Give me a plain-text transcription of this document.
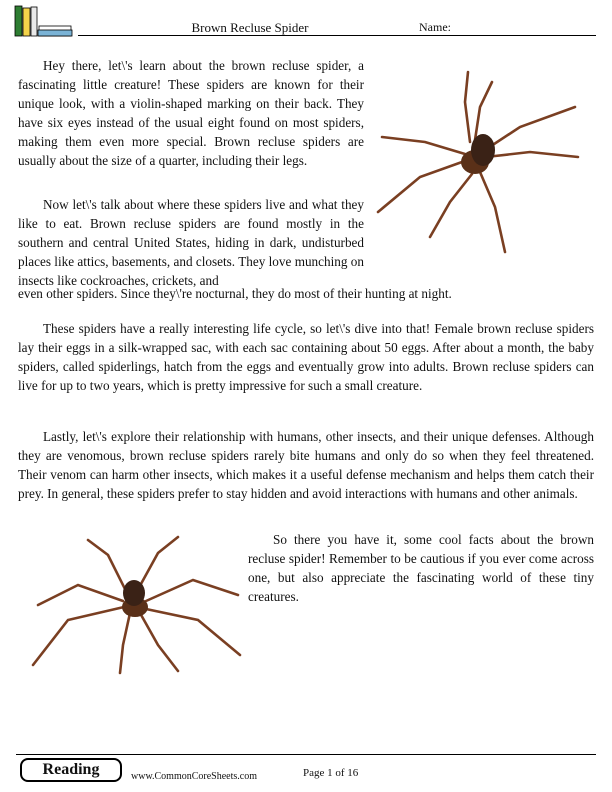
Brown Recluse Spider	Name:

Hey there, let\'s learn about the brown recluse spider, a fascinating little creature! These spiders are known for their unique look, with a violin-shaped marking on their back. They have six eyes instead of the usual eight found on most spiders, making them even more special. Brown recluse spiders are usually about the size of a quarter, including their legs.

Now let\'s talk about where these spiders live and what they like to eat. Brown recluse spiders are found mostly in the southern and central United States, hiding in dark, undisturbed places like attics, basements, and closets. They love munching on insects like cockroaches, crickets, and

even other spiders. Since they\'re nocturnal, they do most of their hunting at night.

These spiders have a really interesting life cycle, so let\'s dive into that! Female brown recluse spiders lay their eggs in a silk-wrapped sac, with each sac containing about 50 eggs. After about a month, the baby spiders, called spiderlings, hatch from the eggs and eventually grow into adults. Brown recluse spiders can live for up to two years, which is pretty impressive for such a small creature.

Lastly, let\'s explore their relationship with humans, other insects, and their unique defenses. Although they are venomous, brown recluse spiders rarely bite humans and only do so when they feel threatened. Their venom can harm other insects, which makes it a useful defense mechanism and helps them catch their prey. In general, these spiders prefer to stay hidden and avoid interactions with humans and other animals.

So there you have it, some cool facts about the brown recluse spider! Remember to be cautious if you ever come across one, but also appreciate the fascinating world of these tiny creatures.

Reading	www.CommonCoreSheets.com	Page 1 of 16
